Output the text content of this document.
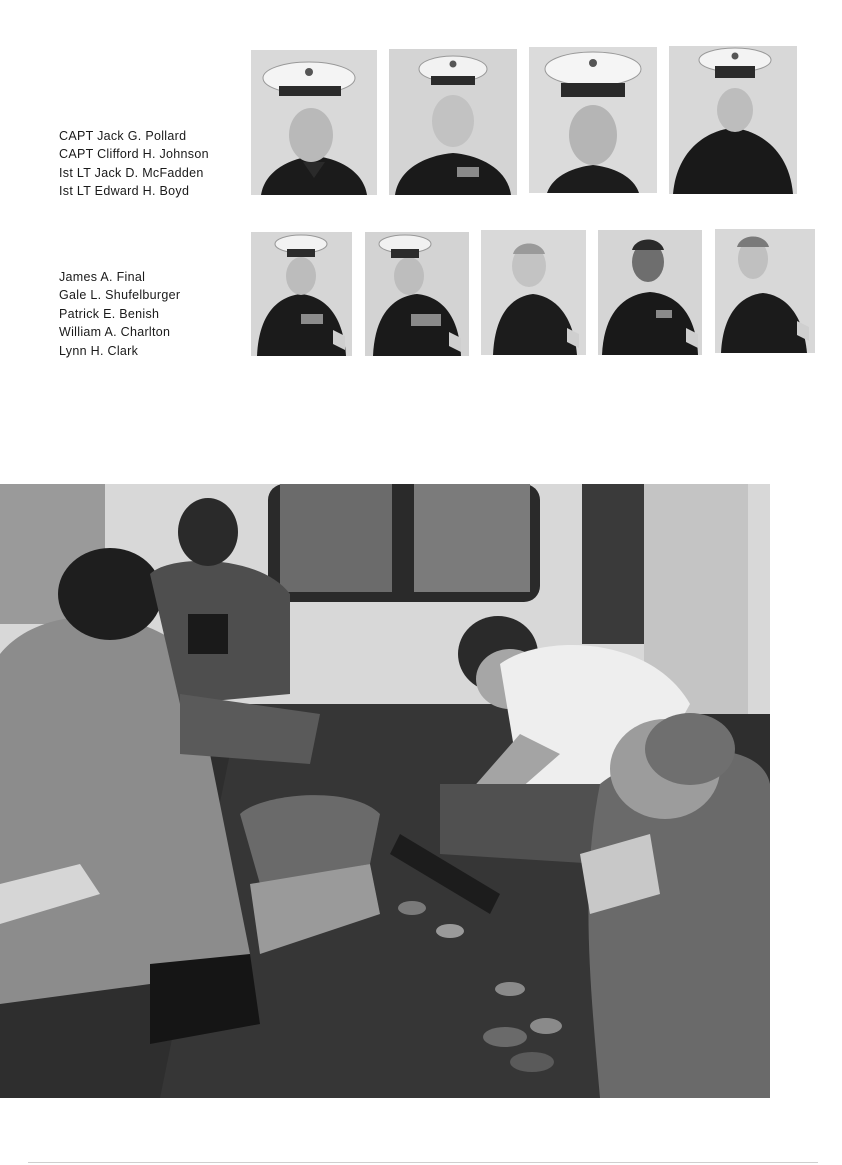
CAPT Jack G. Pollard
CAPT Clifford H. Johnson
Ist LT Jack D. McFadden
Ist LT Edward H. Boyd
James A. Final
Gale L. Shufelburger
Patrick E. Benish
William A. Charlton
Lynn H. Clark
